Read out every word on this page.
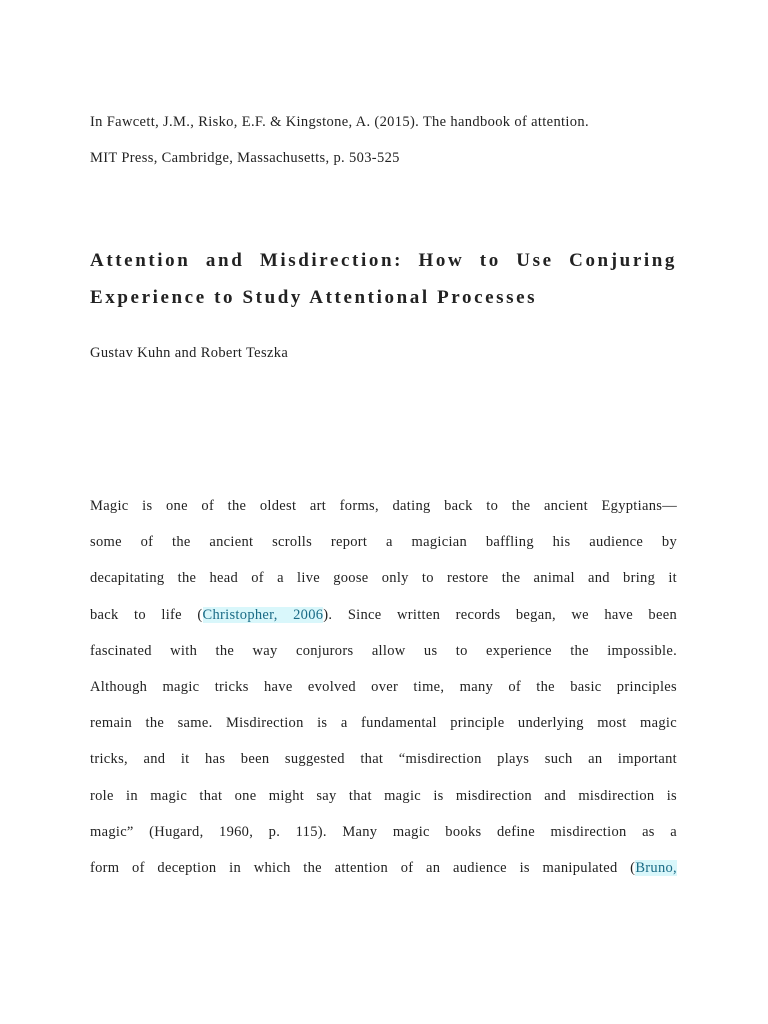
In Fawcett, J.M., Risko, E.F. & Kingstone, A. (2015). The handbook of attention.
MIT Press, Cambridge, Massachusetts, p. 503-525
Attention and Misdirection: How to Use Conjuring
Experience to Study Attentional Processes
Gustav Kuhn and Robert Teszka
Magic is one of the oldest art forms, dating back to the ancient Egyptians—
some of the ancient scrolls report a magician baffling his audience by
decapitating the head of a live goose only to restore the animal and bring it
back to life (Christopher, 2006). Since written records began, we have been
fascinated with the way conjurors allow us to experience the impossible.
Although magic tricks have evolved over time, many of the basic principles
remain the same. Misdirection is a fundamental principle underlying most magic
tricks, and it has been suggested that “misdirection plays such an important
role in magic that one might say that magic is misdirection and misdirection is
magic” (Hugard, 1960, p. 115). Many magic books define misdirection as a
form of deception in which the attention of an audience is manipulated (Bruno,
